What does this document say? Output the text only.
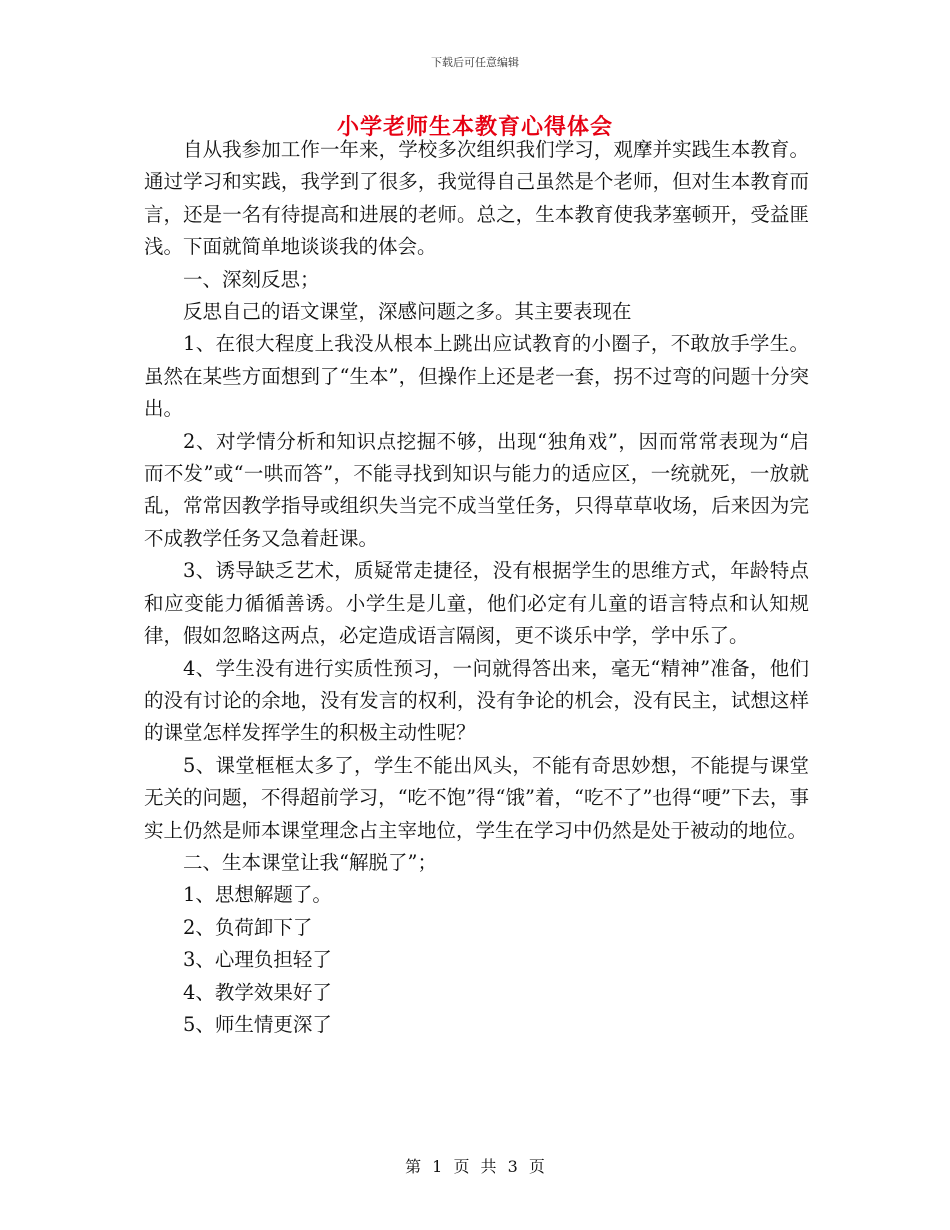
下载后可任意编辑
小学老师生本教育心得体会

自从我参加工作一年来，学校多次组织我们学习，观摩并实践生本教育。通过学习和实践，我学到了很多，我觉得自己虽然是个老师，但对生本教育而言，还是一名有待提高和进展的老师。总之，生本教育使我茅塞顿开，受益匪浅。下面就简单地谈谈我的体会。

一、深刻反思；

反思自己的语文课堂，深感问题之多。其主要表现在

1、在很大程度上我没从根本上跳出应试教育的小圈子，不敢放手学生。虽然在某些方面想到了“生本”，但操作上还是老一套，拐不过弯的问题十分突出。

2、对学情分析和知识点挖掘不够，出现“独角戏”，因而常常表现为“启而不发”或“一哄而答”，不能寻找到知识与能力的适应区，一统就死，一放就乱，常常因教学指导或组织失当完不成当堂任务，只得草草收场，后来因为完不成教学任务又急着赶课。

3、诱导缺乏艺术，质疑常走捷径，没有根据学生的思维方式，年龄特点和应变能力循循善诱。小学生是儿童，他们必定有儿童的语言特点和认知规律，假如忽略这两点，必定造成语言隔阂，更不谈乐中学，学中乐了。

4、学生没有进行实质性预习，一问就得答出来，毫无“精神”准备，他们的没有讨论的余地，没有发言的权利，没有争论的机会，没有民主，试想这样的课堂怎样发挥学生的积极主动性呢？

5、课堂框框太多了，学生不能出风头，不能有奇思妙想，不能提与课堂无关的问题，不得超前学习，“吃不饱”得“饿”着，“吃不了”也得“哽”下去，事实上仍然是师本课堂理念占主宰地位，学生在学习中仍然是处于被动的地位。

二、生本课堂让我“解脱了”；

1、思想解题了。

2、负荷卸下了

3、心理负担轻了

4、教学效果好了

5、师生情更深了

第 1 页 共 3 页
